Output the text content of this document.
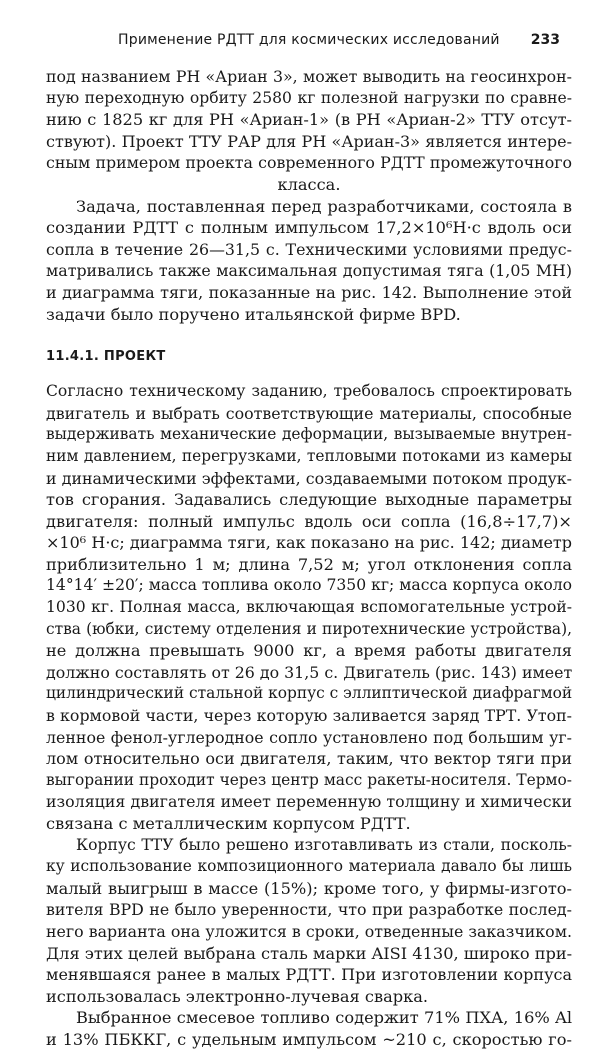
Применение РДТТ для космических исследований 233
под названием РН «Ариан 3», может выводить на геосинхрон-
ную переходную орбиту 2580 кг полезной нагрузки по сравне-
нию с 1825 кг для РН «Ариан-1» (в РН «Ариан-2» ТТУ отсут-
ствуют). Проект ТТУ РАР для РН «Ариан-3» является интере-
сным примером проекта современного РДТТ промежуточного
класса.
Задача, поставленная перед разработчиками, состояла в
создании РДТТ с полным импульсом 17,2×10⁶Н·с вдоль оси
сопла в течение 26—31,5 с. Техническими условиями предус-
матривались также максимальная допустимая тяга (1,05 МН)
и диаграмма тяги, показанные на рис. 142. Выполнение этой
задачи было поручено итальянской фирме BPD.
11.4.1. ПРОЕКТ
Согласно техническому заданию, требовалось спроектировать
двигатель и выбрать соответствующие материалы, способные
выдерживать механические деформации, вызываемые внутрен-
ним давлением, перегрузками, тепловыми потоками из камеры
и динамическими эффектами, создаваемыми потоком продук-
тов сгорания. Задавались следующие выходные параметры
двигателя: полный импульс вдоль оси сопла (16,8÷17,7)×
×10⁶ Н·с; диаграмма тяги, как показано на рис. 142; диаметр
приблизительно 1 м; длина 7,52 м; угол отклонения сопла
14°14′ ±20′; масса топлива около 7350 кг; масса корпуса около
1030 кг. Полная масса, включающая вспомогательные устрой-
ства (юбки, систему отделения и пиротехнические устройства),
не должна превышать 9000 кг, а время работы двигателя
должно составлять от 26 до 31,5 с. Двигатель (рис. 143) имеет
цилиндрический стальной корпус с эллиптической диафрагмой
в кормовой части, через которую заливается заряд ТРТ. Утоп-
ленное фенол-углеродное сопло установлено под большим уг-
лом относительно оси двигателя, таким, что вектор тяги при
выгорании проходит через центр масс ракеты-носителя. Термо-
изоляция двигателя имеет переменную толщину и химически
связана с металлическим корпусом РДТТ.
Корпус ТТУ было решено изготавливать из стали, посколь-
ку использование композиционного материала давало бы лишь
малый выигрыш в массе (15%); кроме того, у фирмы-изгото-
вителя BPD не было уверенности, что при разработке послед-
него варианта она уложится в сроки, отведенные заказчиком.
Для этих целей выбрана сталь марки AISI 4130, широко при-
менявшаяся ранее в малых РДТТ. При изготовлении корпуса
использовалась электронно-лучевая сварка.
Выбранное смесевое топливо содержит 71% ПХА, 16% Al
и 13% ПБККГ, с удельным импульсом ~210 с, скоростью го-
